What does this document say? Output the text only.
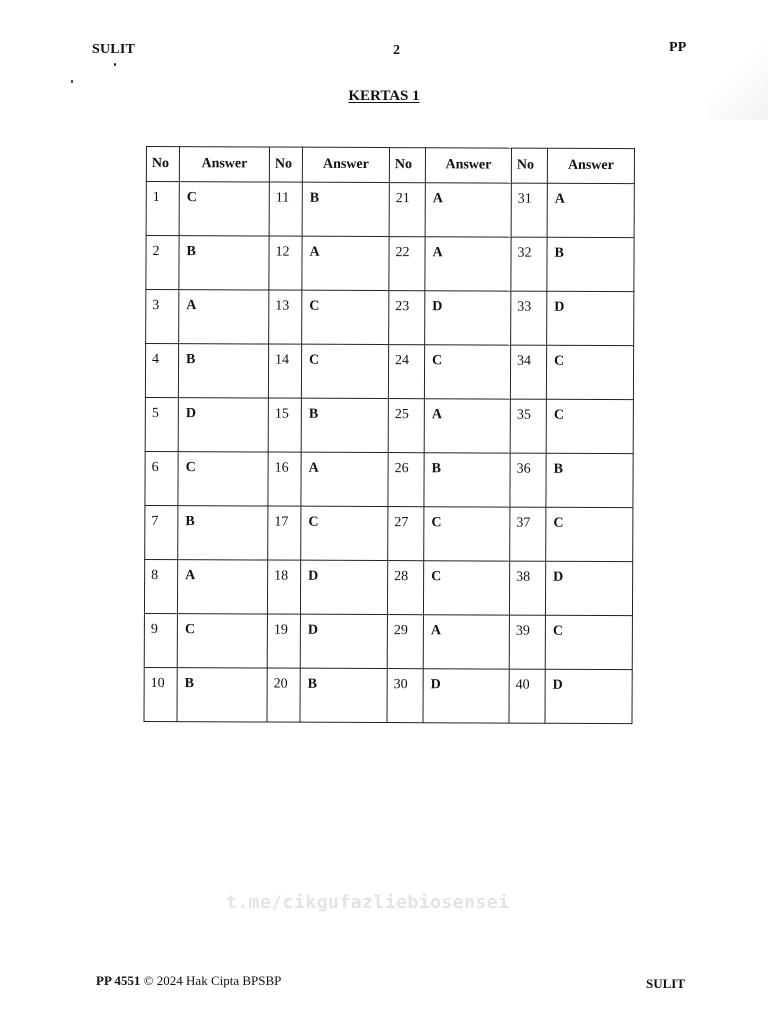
SULIT	2	PP
KERTAS 1
No	Answer	No	Answer	No	Answer	No	Answer
1	C	11	B	21	A	31	A
2	B	12	A	22	A	32	B
3	A	13	C	23	D	33	D
4	B	14	C	24	C	34	C
5	D	15	B	25	A	35	C
6	C	16	A	26	B	36	B
7	B	17	C	27	C	37	C
8	A	18	D	28	C	38	D
9	C	19	D	29	A	39	C
10	B	20	B	30	D	40	D
t.me/cikgufazliebiosensei
PP 4551 © 2024 Hak Cipta BPSBP	SULIT
